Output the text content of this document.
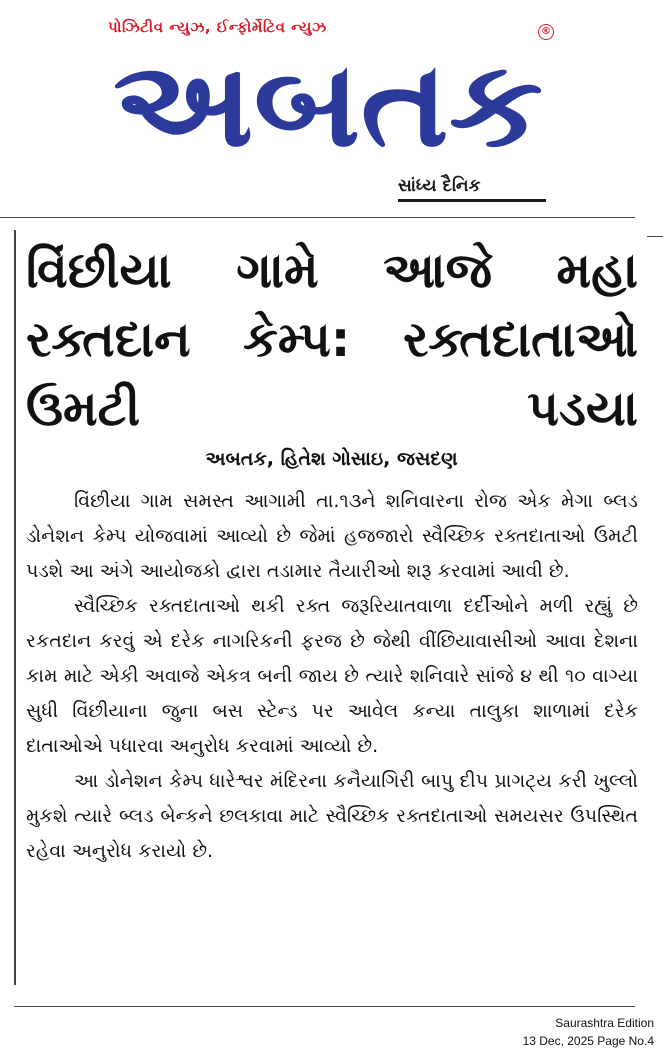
પોઝિટીવ ન્યુઝ, ઈન્ફોર્મેટિવ ન્યુઝ	®
અબતક
સાંધ્ય દૈનિક
વિંછીયા ગામે આજે મહા રક્તદાન કેમ્પ: રક્તદાતાઓ ઉમટી પડયા
અબતક, હિતેશ ગોસાઇ, જસદણ

વિંછીયા ગામ સમસ્ત આગામી તા.૧૩ને શનિવારના રોજ એક મેગા બ્લડ ડોનેશન કેમ્પ યોજવામાં આવ્યો છે જેમાં હજજારો સ્વૈચ્છિક રક્તદાતાઓ ઉમટી પડશે આ અંગે આયોજકો દ્વારા તડામાર તૈયારીઓ શરૂ કરવામાં આવી છે.

સ્વૈચ્છિક રક્તદાતાઓ થકી રક્ત જરૂરિયાતવાળા દર્દીઓને મળી રહ્યું છે રકતદાન કરવું એ દરેક નાગરિકની ફરજ છે જેથી વીંછિયાવાસીઓ આવા દેશના કામ માટે એકી અવાજે એકત્ર બની જાય છે ત્યારે શનિવારે સાંજે ૪ થી ૧૦ વાગ્યા સુધી વિંછીયાના જુના બસ સ્ટેન્ડ પર આવેલ કન્યા તાલુકા શાળામાં દરેક દાતાઓએ પધારવા અનુરોધ કરવામાં આવ્યો છે.

આ ડોનેશન કેમ્પ ધારેશ્વર મંદિરના કનૈયાગિરી બાપુ દીપ પ્રાગટ્ય કરી ખુલ્લો મુકશે ત્યારે બ્લડ બેન્કને છલકાવા માટે સ્વૈચ્છિક રક્તદાતાઓ સમયસર ઉપસ્થિત રહેવા અનુરોધ કરાયો છે.

Saurashtra Edition
13 Dec, 2025 Page No.4
